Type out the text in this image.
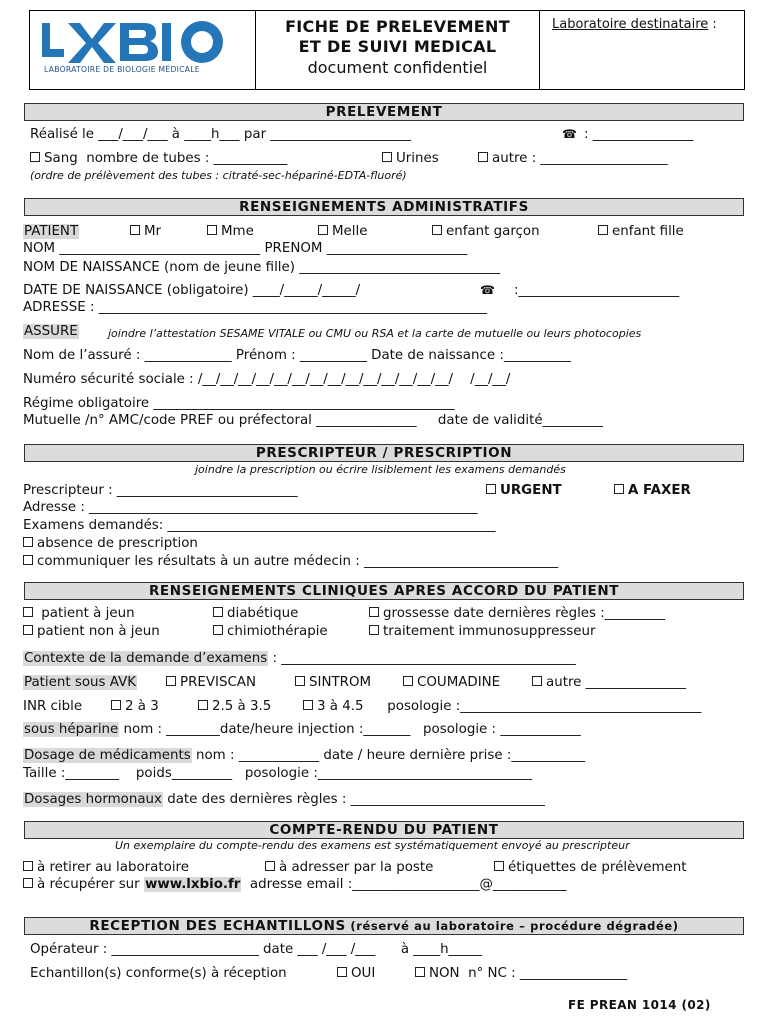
LABORATOIRE DE BIOLOGIE MÉDICALE
FICHE DE PRELEVEMENT
ET DE SUIVI MEDICAL
document confidentiel
Laboratoire destinataire :
PRELEVEMENT
Réalisé le ___/___/___ à ____h___ par _____________________	☎ : _______________
Sang  nombre de tubes : ___________	Urines	autre : ___________________
(ordre de prélèvement des tubes : citraté-sec-hépariné-EDTA-fluoré)
RENSEIGNEMENTS ADMINISTRATIFS
PATIENT	Mr	Mme	Melle	enfant garçon	enfant fille
NOM ______________________________ PRENOM _____________________
NOM DE NAISSANCE (nom de jeune fille) ______________________________
DATE DE NAISSANCE (obligatoire) ____/_____/_____/	☎ :________________________
ADRESSE : __________________________________________________________
ASSURE	joindre l’attestation SESAME VITALE ou CMU ou RSA et la carte de mutuelle ou leurs photocopies
Nom de l’assuré : _____________ Prénom : __________ Date de naissance :__________
Numéro sécurité sociale : /__/__/__/__/__/__/__/__/__/__/__/__/__/__/    /__/__/
Régime obligatoire _____________________________________________
Mutuelle /n° AMC/code PREF ou préfectoral _______________     date de validité_________
PRESCRIPTEUR / PRESCRIPTION
joindre la prescription ou écrire lisiblement les examens demandés
Prescripteur : ___________________________	URGENT	A FAXER
Adresse : __________________________________________________________
Examens demandés: _________________________________________________
absence de prescription
communiquer les résultats à un autre médecin : _____________________________
RENSEIGNEMENTS CLINIQUES APRES ACCORD DU PATIENT
patient à jeun	diabétique	grossesse date dernières règles :_________
patient non à jeun	chimiothérapie	traitement immunosuppresseur
Contexte de la demande d’examens : ____________________________________________
Patient sous AVK	PREVISCAN	SINTROM	COUMADINE	autre _______________
INR cible	2 à 3	2.5 à 3.5	3 à 4.5 posologie :____________________________________
sous héparine nom : ________date/heure injection :_______   posologie : ____________
Dosage de médicaments nom : ____________ date / heure dernière prise :___________
Taille :________    poids_________   posologie :________________________________
Dosages hormonaux date des dernières règles : _____________________________
COMPTE-RENDU DU PATIENT
Un exemplaire du compte-rendu des examens est systématiquement envoyé au prescripteur
à retirer au laboratoire	à adresser par la poste	étiquettes de prélèvement
à récupérer sur www.lxbio.fr  adresse email :___________________@___________
RECEPTION DES ECHANTILLONS (réservé au laboratoire – procédure dégradée)
Opérateur : ______________________ date ___ /___ /___      à ____h_____
Echantillon(s) conforme(s) à réception	OUI	NON  n° NC : ________________
FE PREAN 1014 (02)
